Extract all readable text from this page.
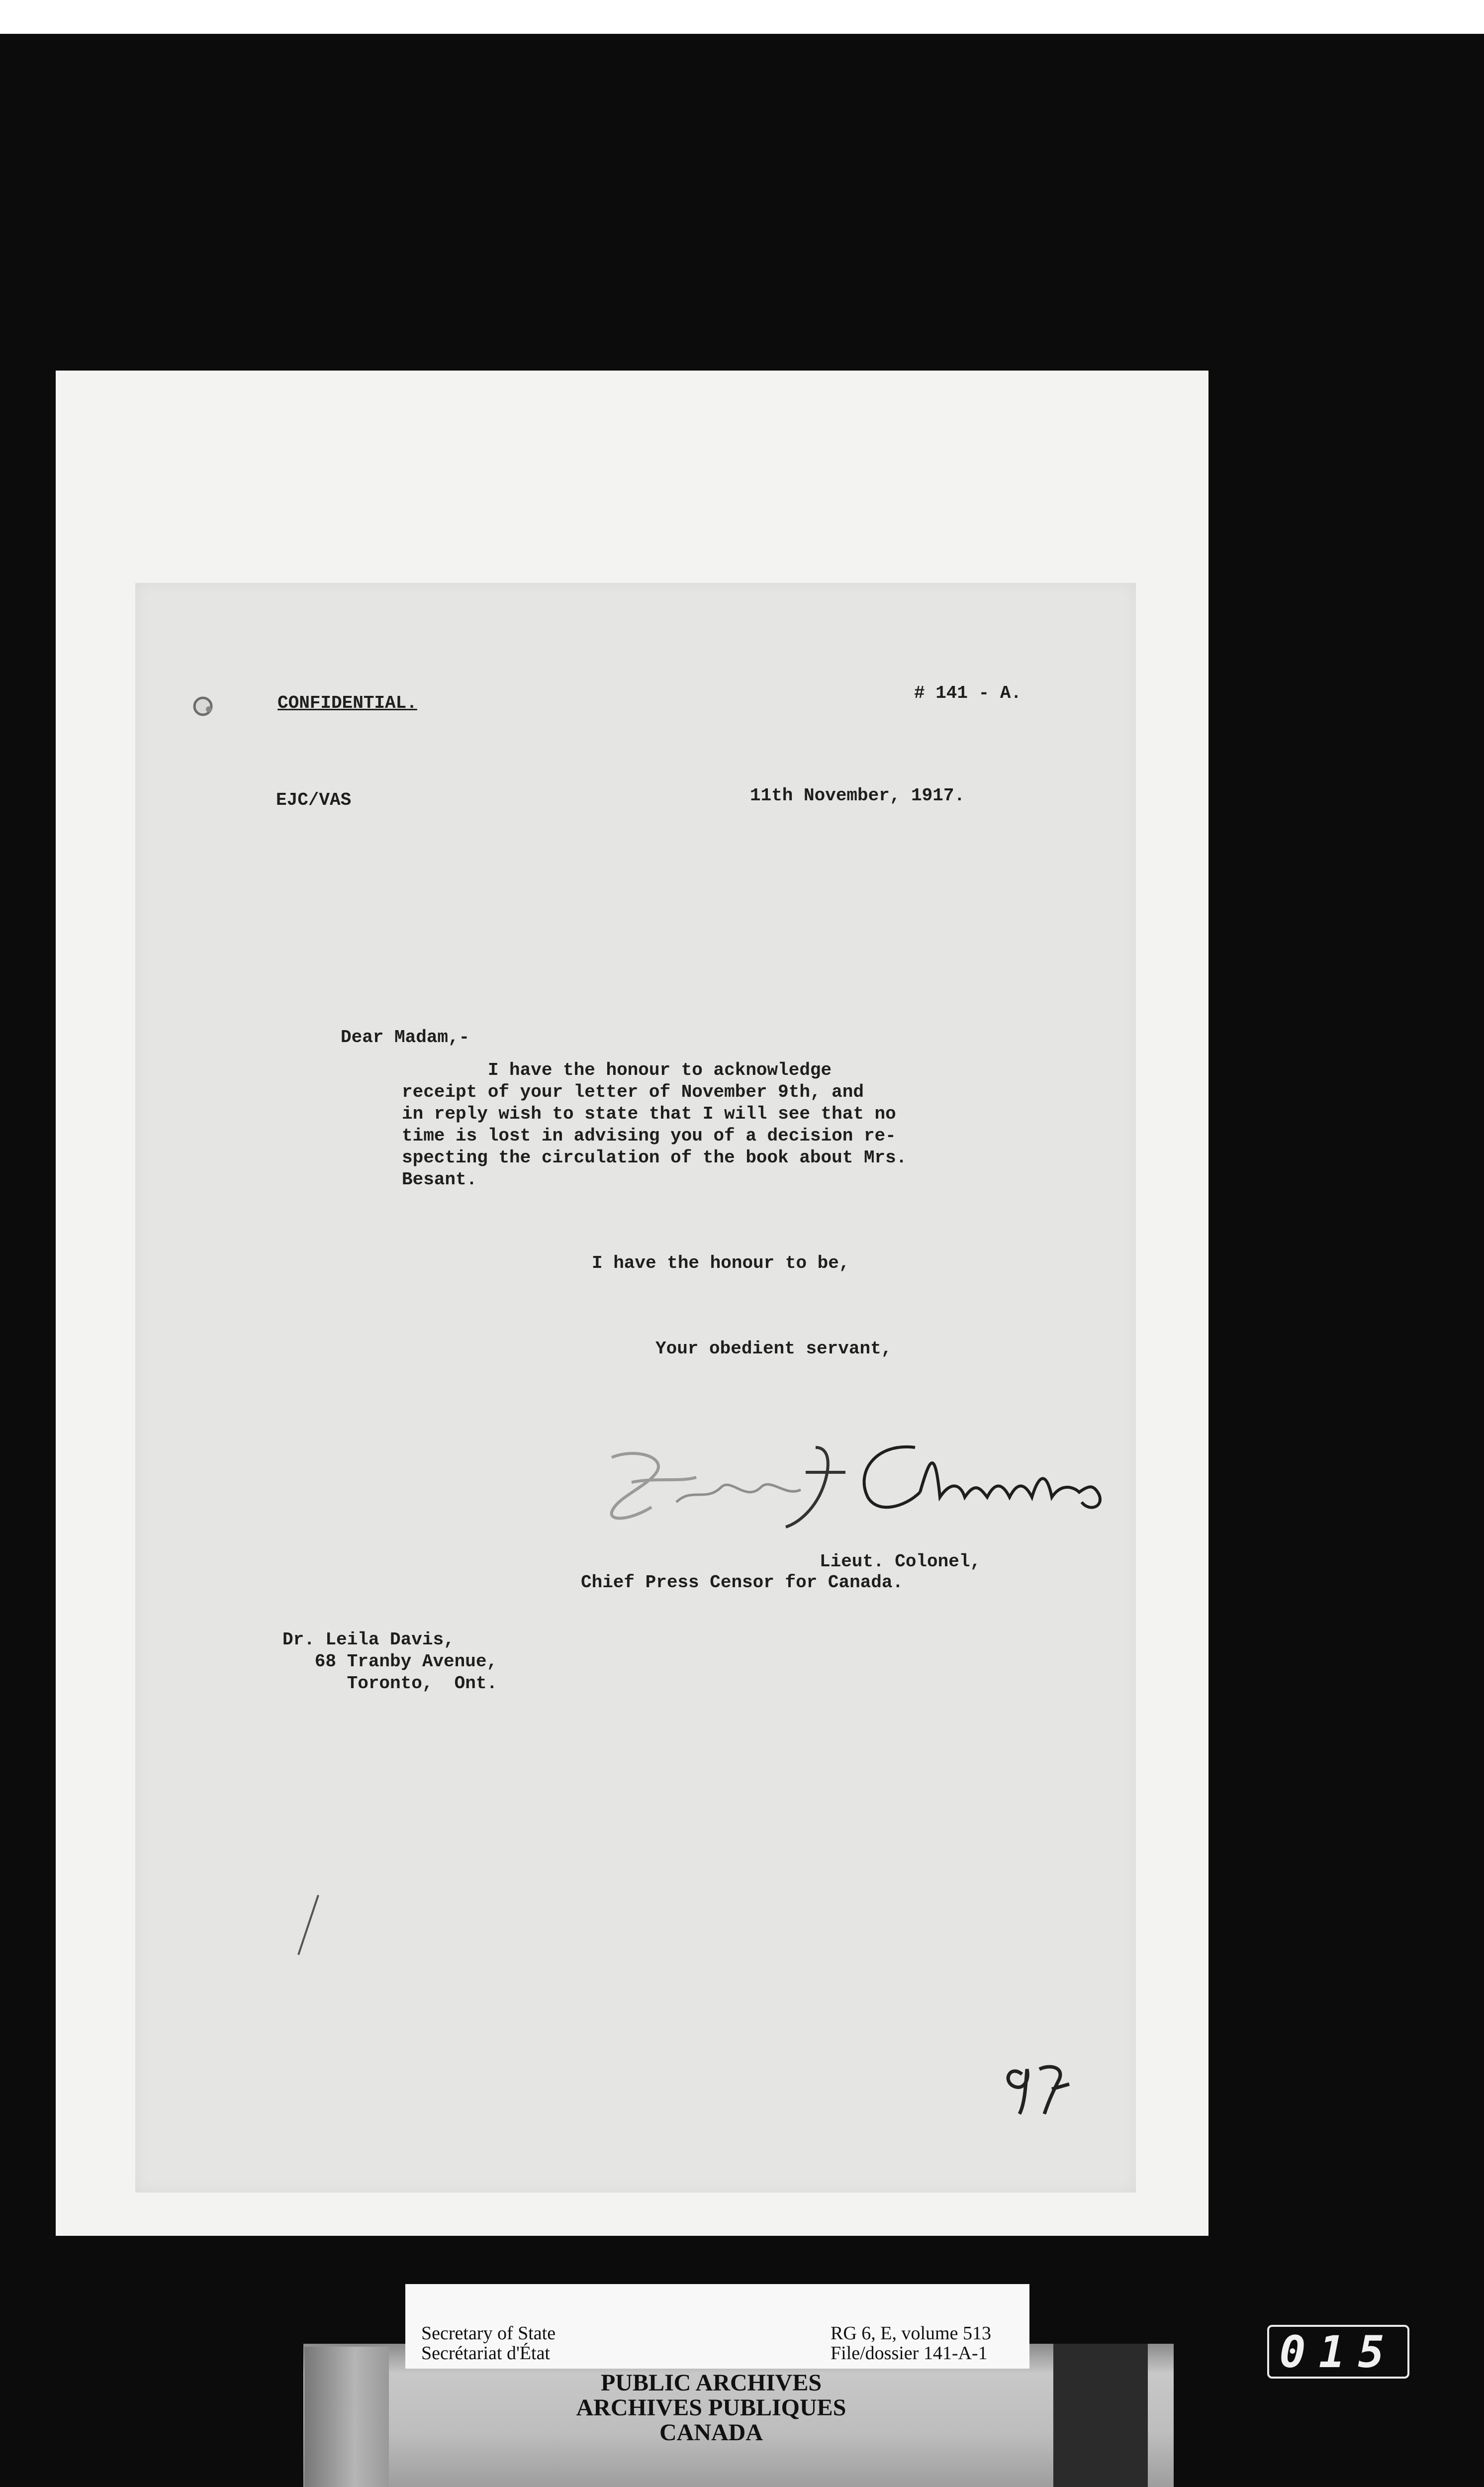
CONFIDENTIAL.	# 141 - A.

EJC/VAS	11th November, 1917.

Dear Madam,-

I have the honour to acknowledge

receipt of your letter of November 9th, and

in reply wish to state that I will see that no

time is lost in advising you of a decision re-

specting the circulation of the book about Mrs.

Besant.

I have the honour to be,

Your obedient servant,

Lieut. Colonel,

Chief Press Censor for Canada.

Dr. Leila Davis,

68 Tranby Avenue,

Toronto,  Ont.

Secretary of State

Secrétariat d'État

RG 6, E, volume 513

File/dossier 141-A-1

PUBLIC ARCHIVES

ARCHIVES PUBLIQUES

CANADA

015
